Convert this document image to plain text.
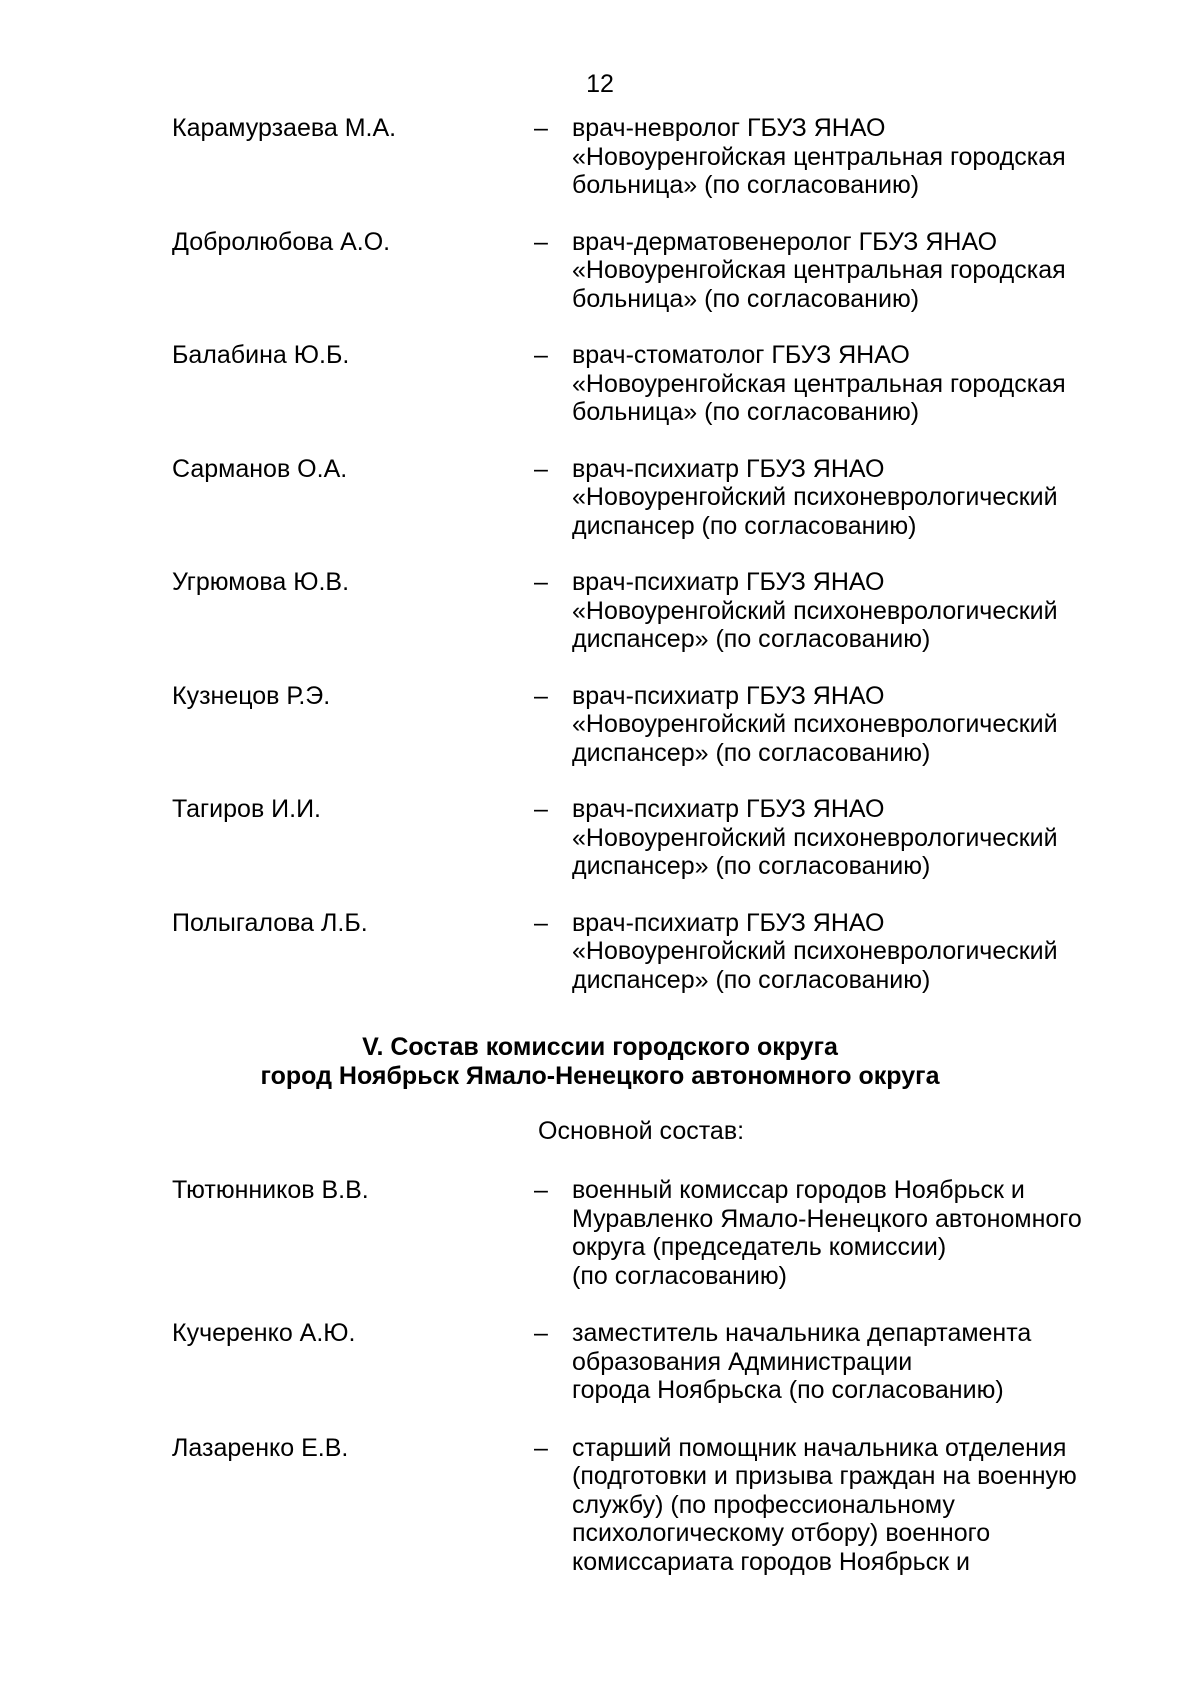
12
Карамурзаева М.А.	– врач-невролог ГБУЗ ЯНАО
«Новоуренгойская центральная городская
больница» (по согласованию)
Добролюбова А.О.	– врач-дерматовенеролог ГБУЗ ЯНАО
«Новоуренгойская центральная городская
больница» (по согласованию)
Балабина Ю.Б.	– врач-стоматолог ГБУЗ ЯНАО
«Новоуренгойская центральная городская
больница» (по согласованию)
Сарманов О.А.	– врач-психиатр ГБУЗ ЯНАО
«Новоуренгойский психоневрологический
диспансер (по согласованию)
Угрюмова Ю.В.	– врач-психиатр ГБУЗ ЯНАО
«Новоуренгойский психоневрологический
диспансер» (по согласованию)
Кузнецов Р.Э.	– врач-психиатр ГБУЗ ЯНАО
«Новоуренгойский психоневрологический
диспансер» (по согласованию)
Тагиров И.И.	– врач-психиатр ГБУЗ ЯНАО
«Новоуренгойский психоневрологический
диспансер» (по согласованию)
Полыгалова Л.Б.	– врач-психиатр ГБУЗ ЯНАО
«Новоуренгойский психоневрологический
диспансер» (по согласованию)
V. Состав комиссии городского округа
город Ноябрьск Ямало-Ненецкого автономного округа
Основной состав:
Тютюнников В.В.	– военный комиссар городов Ноябрьск и
Муравленко Ямало-Ненецкого автономного
округа (председатель комиссии)
(по согласованию)
Кучеренко А.Ю.	– заместитель начальника департамента
образования Администрации
города Ноябрьска (по согласованию)
Лазаренко Е.В.	– старший помощник начальника отделения
(подготовки и призыва граждан на военную
службу) (по профессиональному
психологическому отбору) военного
комиссариата городов Ноябрьск и
